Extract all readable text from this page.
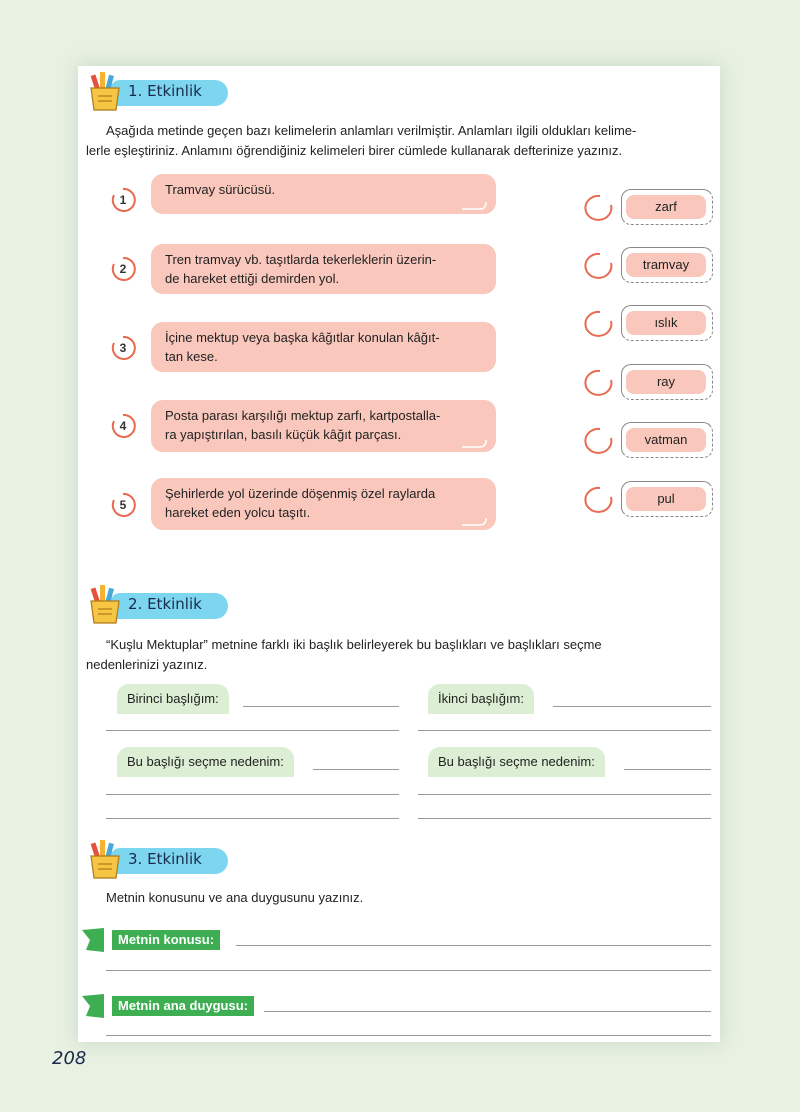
1. Etkinlik
Aşağıda metinde geçen bazı kelimelerin anlamları verilmiştir. Anlamları ilgili oldukları kelime-
lerle eşleştiriniz. Anlamını öğrendiğiniz kelimeleri birer cümlede kullanarak defterinize yazınız.
1
Tramvay sürücüsü.
2
Tren tramvay vb. taşıtlarda tekerleklerin üzerin-
de hareket ettiği demirden yol.
3
İçine mektup veya başka kâğıtlar konulan kâğıt-
tan kese.
4
Posta parası karşılığı mektup zarfı, kartpostalla-
ra yapıştırılan, basılı küçük kâğıt parçası.
5
Şehirlerde yol üzerinde döşenmiş özel raylarda
hareket eden yolcu taşıtı.
zarf
tramvay
ıslık
ray
vatman
pul
2. Etkinlik
“Kuşlu Mektuplar” metnine farklı iki başlık belirleyerek bu başlıkları ve başlıkları seçme
nedenlerinizi yazınız.
Birinci başlığım:	İkinci başlığım:
Bu başlığı seçme nedenim:	Bu başlığı seçme nedenim:
3. Etkinlik
Metnin konusunu ve ana duygusunu yazınız.
Metnin konusu:
Metnin ana duygusu:
208
